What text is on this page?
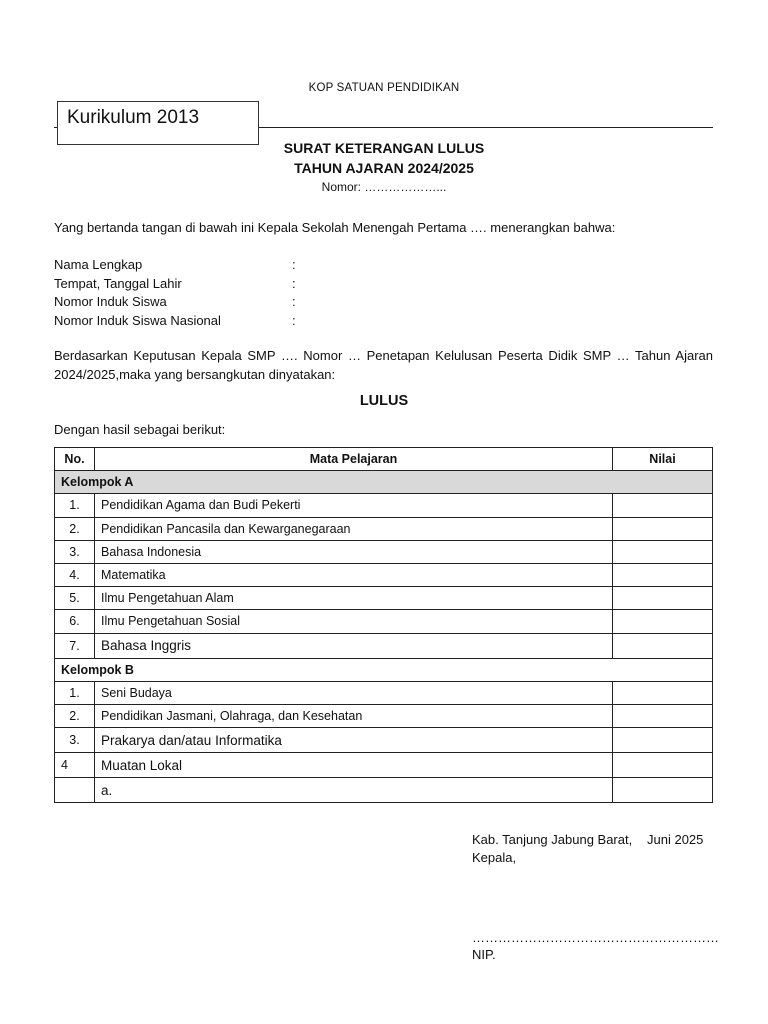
KOP SATUAN PENDIDIKAN
Kurikulum 2013
SURAT KETERANGAN LULUS
TAHUN AJARAN 2024/2025
Nomor: ………………...
Yang bertanda tangan di bawah ini Kepala Sekolah Menengah Pertama …. menerangkan bahwa:
Nama Lengkap	:
Tempat, Tanggal Lahir	:
Nomor Induk Siswa	:
Nomor Induk Siswa Nasional	:
Berdasarkan Keputusan Kepala SMP …. Nomor … Penetapan Kelulusan Peserta Didik SMP … Tahun Ajaran 2024/2025,maka yang bersangkutan dinyatakan:
LULUS
Dengan hasil sebagai berikut:
No.	Mata Pelajaran	Nilai
Kelompok A		
1.	Pendidikan Agama dan Budi Pekerti	
2.	Pendidikan Pancasila dan Kewarganegaraan	
3.	Bahasa Indonesia	
4.	Matematika	
5.	Ilmu Pengetahuan Alam	
6.	Ilmu Pengetahuan Sosial	
7.	Bahasa Inggris	
Kelompok B		
1.	Seni Budaya	
2.	Pendidikan Jasmani, Olahraga, dan Kesehatan	
3.	Prakarya dan/atau Informatika	
4	Muatan Lokal	
	a.	
Kab. Tanjung Jabung Barat, Juni 2025
Kepala,
…………………………………………………
NIP.
